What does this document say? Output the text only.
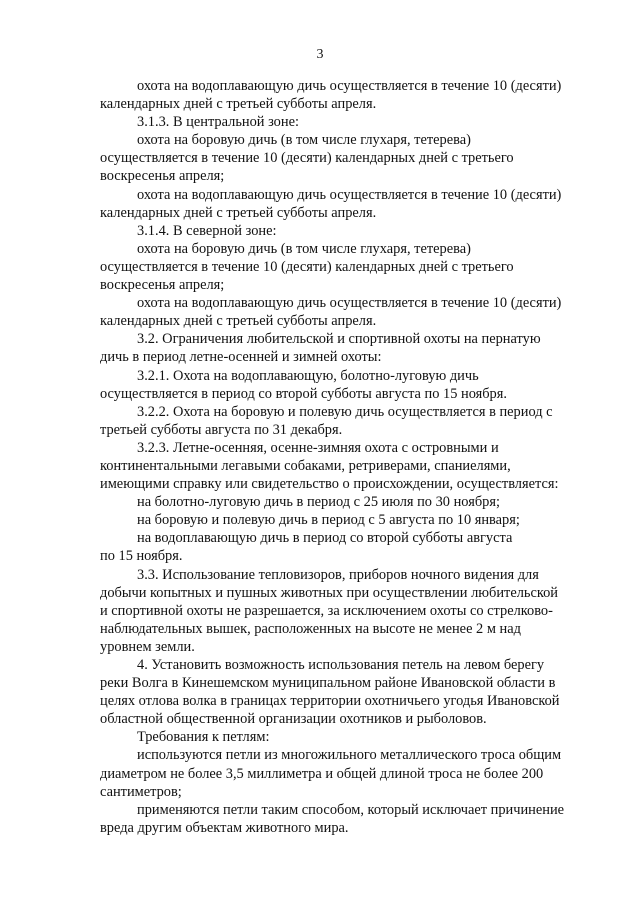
3

охота на водоплавающую дичь осуществляется в течение 10 (десяти)
календарных дней с третьей субботы апреля.

3.1.3. В центральной зоне:

охота на боровую дичь (в том числе глухаря, тетерева)
осуществляется в течение 10 (десяти) календарных дней с третьего
воскресенья апреля;

охота на водоплавающую дичь осуществляется в течение 10 (десяти)
календарных дней с третьей субботы апреля.

3.1.4. В северной зоне:

охота на боровую дичь (в том числе глухаря, тетерева)
осуществляется в течение 10 (десяти) календарных дней с третьего
воскресенья апреля;

охота на водоплавающую дичь осуществляется в течение 10 (десяти)
календарных дней с третьей субботы апреля.

3.2. Ограничения любительской и спортивной охоты на пернатую
дичь в период летне-осенней и зимней охоты:

3.2.1. Охота на водоплавающую, болотно-луговую дичь
осуществляется в период со второй субботы августа по 15 ноября.

3.2.2. Охота на боровую и полевую дичь осуществляется в период с
третьей субботы августа по 31 декабря.

3.2.3. Летне-осенняя, осенне-зимняя охота с островными и
континентальными легавыми собаками, ретриверами, спаниелями,
имеющими справку или свидетельство о происхождении, осуществляется:

на болотно-луговую дичь в период с 25 июля по 30 ноября;

на боровую и полевую дичь в период с 5 августа по 10 января;

на водоплавающую дичь в период со второй субботы августа
по 15 ноября.

3.3. Использование тепловизоров, приборов ночного видения для
добычи копытных и пушных животных при осуществлении любительской
и спортивной охоты не разрешается, за исключением охоты со стрелково-
наблюдательных вышек, расположенных на высоте не менее 2 м над
уровнем земли.

4. Установить возможность использования петель на левом берегу
реки Волга в Кинешемском муниципальном районе Ивановской области в
целях отлова волка в границах территории охотничьего угодья Ивановской
областной общественной организации охотников и рыболовов.

Требования к петлям:

используются петли из многожильного металлического троса общим
диаметром не более 3,5 миллиметра и общей длиной троса не более 200
сантиметров;

применяются петли таким способом, который исключает причинение
вреда другим объектам животного мира.
